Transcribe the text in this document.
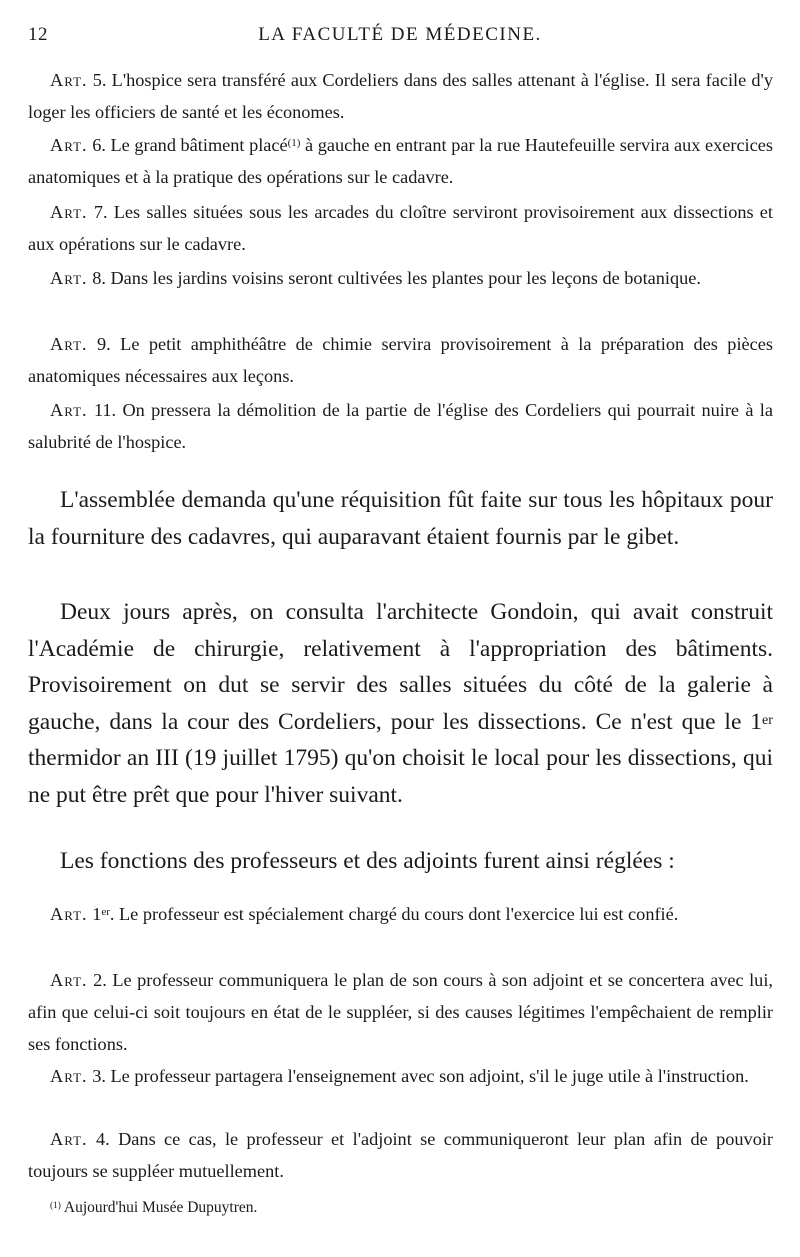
12	LA FACULTÉ DE MÉDECINE.
Art. 5. L'hospice sera transféré aux Cordeliers dans des salles attenant à l'église. Il sera facile d'y loger les officiers de santé et les économes.
Art. 6. Le grand bâtiment placé$^{(1)}$ à gauche en entrant par la rue Hautefeuille servira aux exercices anatomiques et à la pratique des opérations sur le cadavre.
Art. 7. Les salles situées sous les arcades du cloître serviront provisoirement aux dissections et aux opérations sur le cadavre.
Art. 8. Dans les jardins voisins seront cultivées les plantes pour les leçons de botanique.
Art. 9. Le petit amphithéâtre de chimie servira provisoirement à la préparation des pièces anatomiques nécessaires aux leçons.
Art. 11. On pressera la démolition de la partie de l'église des Cordeliers qui pourrait nuire à la salubrité de l'hospice.
L'assemblée demanda qu'une réquisition fût faite sur tous les hôpitaux pour la fourniture des cadavres, qui auparavant étaient fournis par le gibet.
Deux jours après, on consulta l'architecte Gondoin, qui avait construit l'Académie de chirurgie, relativement à l'appropriation des bâtiments. Provisoirement on dut se servir des salles situées du côté de la galerie à gauche, dans la cour des Cordeliers, pour les dissections. Ce n'est que le 1er thermidor an III (19 juillet 1795) qu'on choisit le local pour les dissections, qui ne put être prêt que pour l'hiver suivant.
Les fonctions des professeurs et des adjoints furent ainsi réglées :
Art. 1er. Le professeur est spécialement chargé du cours dont l'exercice lui est confié.
Art. 2. Le professeur communiquera le plan de son cours à son adjoint et se concertera avec lui, afin que celui-ci soit toujours en état de le suppléer, si des causes légitimes l'empêchaient de remplir ses fonctions.
Art. 3. Le professeur partagera l'enseignement avec son adjoint, s'il le juge utile à l'instruction.
Art. 4. Dans ce cas, le professeur et l'adjoint se communiqueront leur plan afin de pouvoir toujours se suppléer mutuellement.
$^{(1)}$ Aujourd'hui Musée Dupuytren.
